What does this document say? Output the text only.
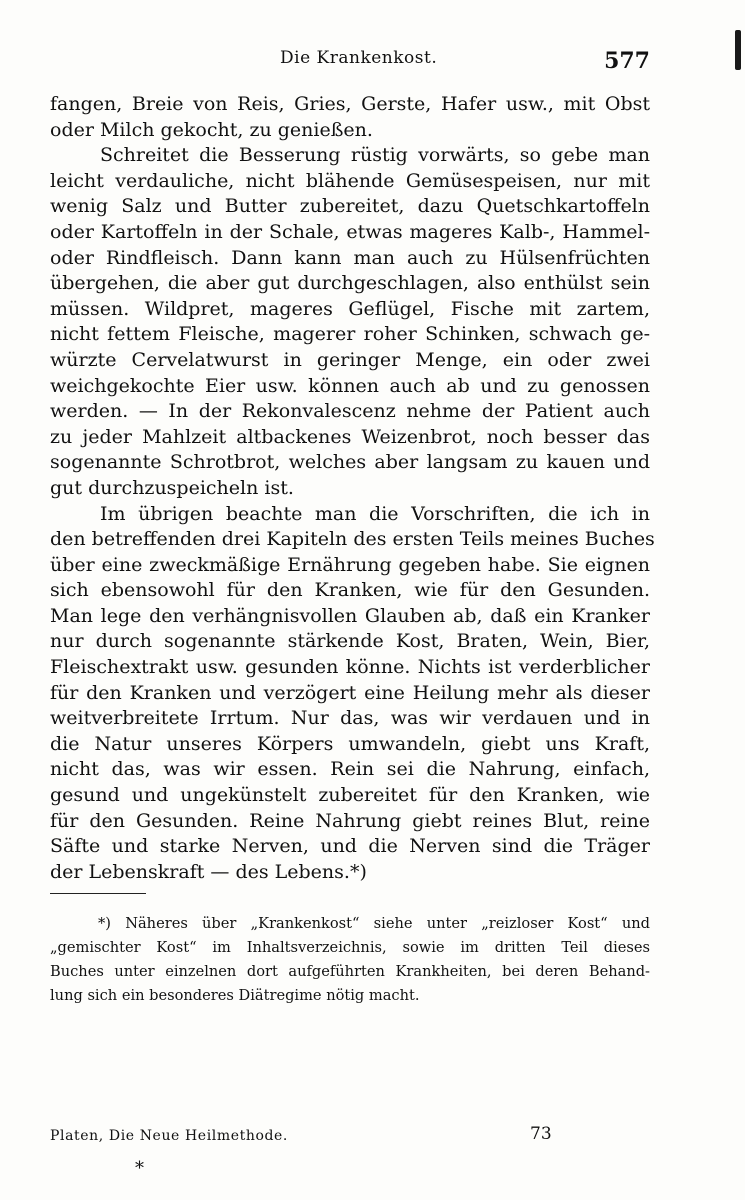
Die Krankenkost.	577
fangen, Breie von Reis, Gries, Gerste, Hafer usw., mit Obst
oder Milch gekocht, zu genießen.
Schreitet die Besserung rüstig vorwärts, so gebe man
leicht verdauliche, nicht blähende Gemüsespeisen, nur mit
wenig Salz und Butter zubereitet, dazu Quetschkartoffeln
oder Kartoffeln in der Schale, etwas mageres Kalb-, Hammel-
oder Rindfleisch. Dann kann man auch zu Hülsenfrüchten
übergehen, die aber gut durchgeschlagen, also enthülst sein
müssen. Wildpret, mageres Geflügel, Fische mit zartem,
nicht fettem Fleische, magerer roher Schinken, schwach ge-
würzte Cervelatwurst in geringer Menge, ein oder zwei
weichgekochte Eier usw. können auch ab und zu genossen
werden. — In der Rekonvalescenz nehme der Patient auch
zu jeder Mahlzeit altbackenes Weizenbrot, noch besser das
sogenannte Schrotbrot, welches aber langsam zu kauen und
gut durchzuspeicheln ist.
Im übrigen beachte man die Vorschriften, die ich in
den betreffenden drei Kapiteln des ersten Teils meines Buches
über eine zweckmäßige Ernährung gegeben habe. Sie eignen
sich ebensowohl für den Kranken, wie für den Gesunden.
Man lege den verhängnisvollen Glauben ab, daß ein Kranker
nur durch sogenannte stärkende Kost, Braten, Wein, Bier,
Fleischextrakt usw. gesunden könne. Nichts ist verderblicher
für den Kranken und verzögert eine Heilung mehr als dieser
weitverbreitete Irrtum. Nur das, was wir verdauen und in
die Natur unseres Körpers umwandeln, giebt uns Kraft,
nicht das, was wir essen. Rein sei die Nahrung, einfach,
gesund und ungekünstelt zubereitet für den Kranken, wie
für den Gesunden. Reine Nahrung giebt reines Blut, reine
Säfte und starke Nerven, und die Nerven sind die Träger
der Lebenskraft — des Lebens.*)
*) Näheres über „Krankenkost“ siehe unter „reizloser Kost“ und
„gemischter Kost“ im Inhaltsverzeichnis, sowie im dritten Teil dieses
Buches unter einzelnen dort aufgeführten Krankheiten, bei deren Behand-
lung sich ein besonderes Diätregime nötig macht.
Platen, Die Neue Heilmethode.	73
*
